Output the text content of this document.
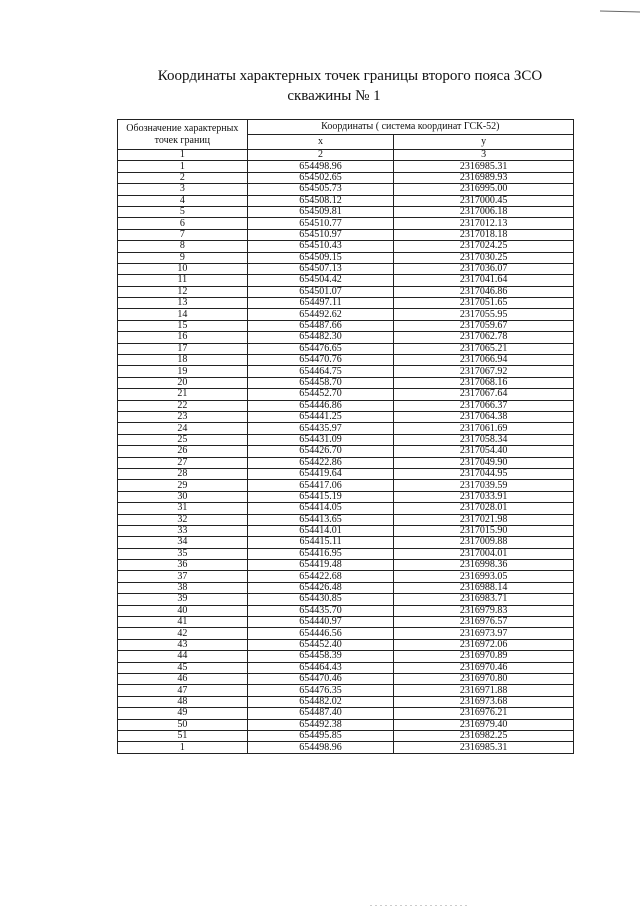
Координаты характерных точек границы второго пояса ЗСО
скважины № 1
Обозначение характерных точек границ	Координаты ( система координат ГСК-52)	
	x	y
1	2	3
1	654498.96	2316985.31
2	654502.65	2316989.93
3	654505.73	2316995.00
4	654508.12	2317000.45
5	654509.81	2317006.18
6	654510.77	2317012.13
7	654510.97	2317018.18
8	654510.43	2317024.25
9	654509.15	2317030.25
10	654507.13	2317036.07
11	654504.42	2317041.64
12	654501.07	2317046.86
13	654497.11	2317051.65
14	654492.62	2317055.95
15	654487.66	2317059.67
16	654482.30	2317062.78
17	654476.65	2317065.21
18	654470.76	2317066.94
19	654464.75	2317067.92
20	654458.70	2317068.16
21	654452.70	2317067.64
22	654446.86	2317066.37
23	654441.25	2317064.38
24	654435.97	2317061.69
25	654431.09	2317058.34
26	654426.70	2317054.40
27	654422.86	2317049.90
28	654419.64	2317044.95
29	654417.06	2317039.59
30	654415.19	2317033.91
31	654414.05	2317028.01
32	654413.65	2317021.98
33	654414.01	2317015.90
34	654415.11	2317009.88
35	654416.95	2317004.01
36	654419.48	2316998.36
37	654422.68	2316993.05
38	654426.48	2316988.14
39	654430.85	2316983.71
40	654435.70	2316979.83
41	654440.97	2316976.57
42	654446.56	2316973.97
43	654452.40	2316972.06
44	654458.39	2316970.89
45	654464.43	2316970.46
46	654470.46	2316970.80
47	654476.35	2316971.88
48	654482.02	2316973.68
49	654487.40	2316976.21
50	654492.38	2316979.40
51	654495.85	2316982.25
1	654498.96	2316985.31
